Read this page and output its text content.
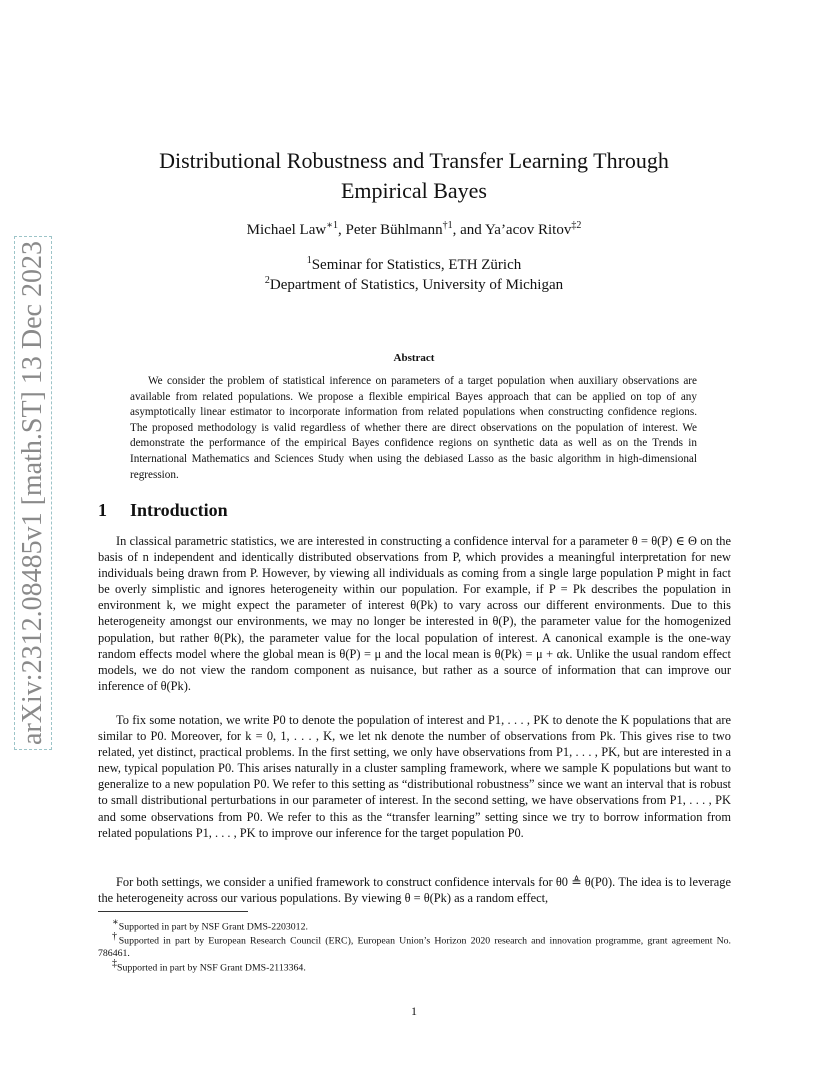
arXiv:2312.08485v1 [math.ST] 13 Dec 2023
Distributional Robustness and Transfer Learning Through
Empirical Bayes
Michael Law$^{∗1}$, Peter Bühlmann$^{\dagger 1}$, and Ya’acov Ritov$^{\ddagger 2}$
$^1$Seminar for Statistics, ETH Zürich
$^2$Department of Statistics, University of Michigan
Abstract

We consider the problem of statistical inference on parameters of a target population when auxiliary observations are available from related populations. We propose a flexible empirical Bayes approach that can be applied on top of any asymptotically linear estimator to incorporate information from related populations when constructing confidence regions. The proposed methodology is valid regardless of whether there are direct observations on the population of interest. We demonstrate the performance of the empirical Bayes confidence regions on synthetic data as well as on the Trends in International Mathematics and Sciences Study when using the debiased Lasso as the basic algorithm in high-dimensional regression.

1 Introduction

In classical parametric statistics, we are interested in constructing a confidence interval for a parameter θ = θ(P) ∈ Θ on the basis of n independent and identically distributed observations from P, which provides a meaningful interpretation for new individuals being drawn from P. However, by viewing all individuals as coming from a single large population P might in fact be overly simplistic and ignores heterogeneity within our population. For example, if P = Pk describes the population in environment k, we might expect the parameter of interest θ(Pk) to vary across our different environments. Due to this heterogeneity amongst our environments, we may no longer be interested in θ(P), the parameter value for the homogenized population, but rather θ(Pk), the parameter value for the local population of interest. A canonical example is the one-way random effects model where the global mean is θ(P) = μ and the local mean is θ(Pk) = μ + αk. Unlike the usual random effect models, we do not view the random component as nuisance, but rather as a source of information that can improve our inference of θ(Pk).

To fix some notation, we write P0 to denote the population of interest and P1, . . . , PK to denote the K populations that are similar to P0. Moreover, for k = 0, 1, . . . , K, we let nk denote the number of observations from Pk. This gives rise to two related, yet distinct, practical problems. In the first setting, we only have observations from P1, . . . , PK, but are interested in a new, typical population P0. This arises naturally in a cluster sampling framework, where we sample K populations but want to generalize to a new population P0. We refer to this setting as “distributional robustness” since we want an interval that is robust to small distributional perturbations in our parameter of interest. In the second setting, we have observations from P1, . . . , PK and some observations from P0. We refer to this as the “transfer learning” setting since we try to borrow information from related populations P1, . . . , PK to improve our inference for the target population P0.

For both settings, we consider a unified framework to construct confidence intervals for θ0 ≜ θ(P0). The idea is to leverage the heterogeneity across our various populations. By viewing θ = θ(Pk) as a random effect,

∗Supported in part by NSF Grant DMS-2203012.

†Supported in part by European Research Council (ERC), European Union’s Horizon 2020 research and innovation programme, grant agreement No. 786461.

‡Supported in part by NSF Grant DMS-2113364.

1
